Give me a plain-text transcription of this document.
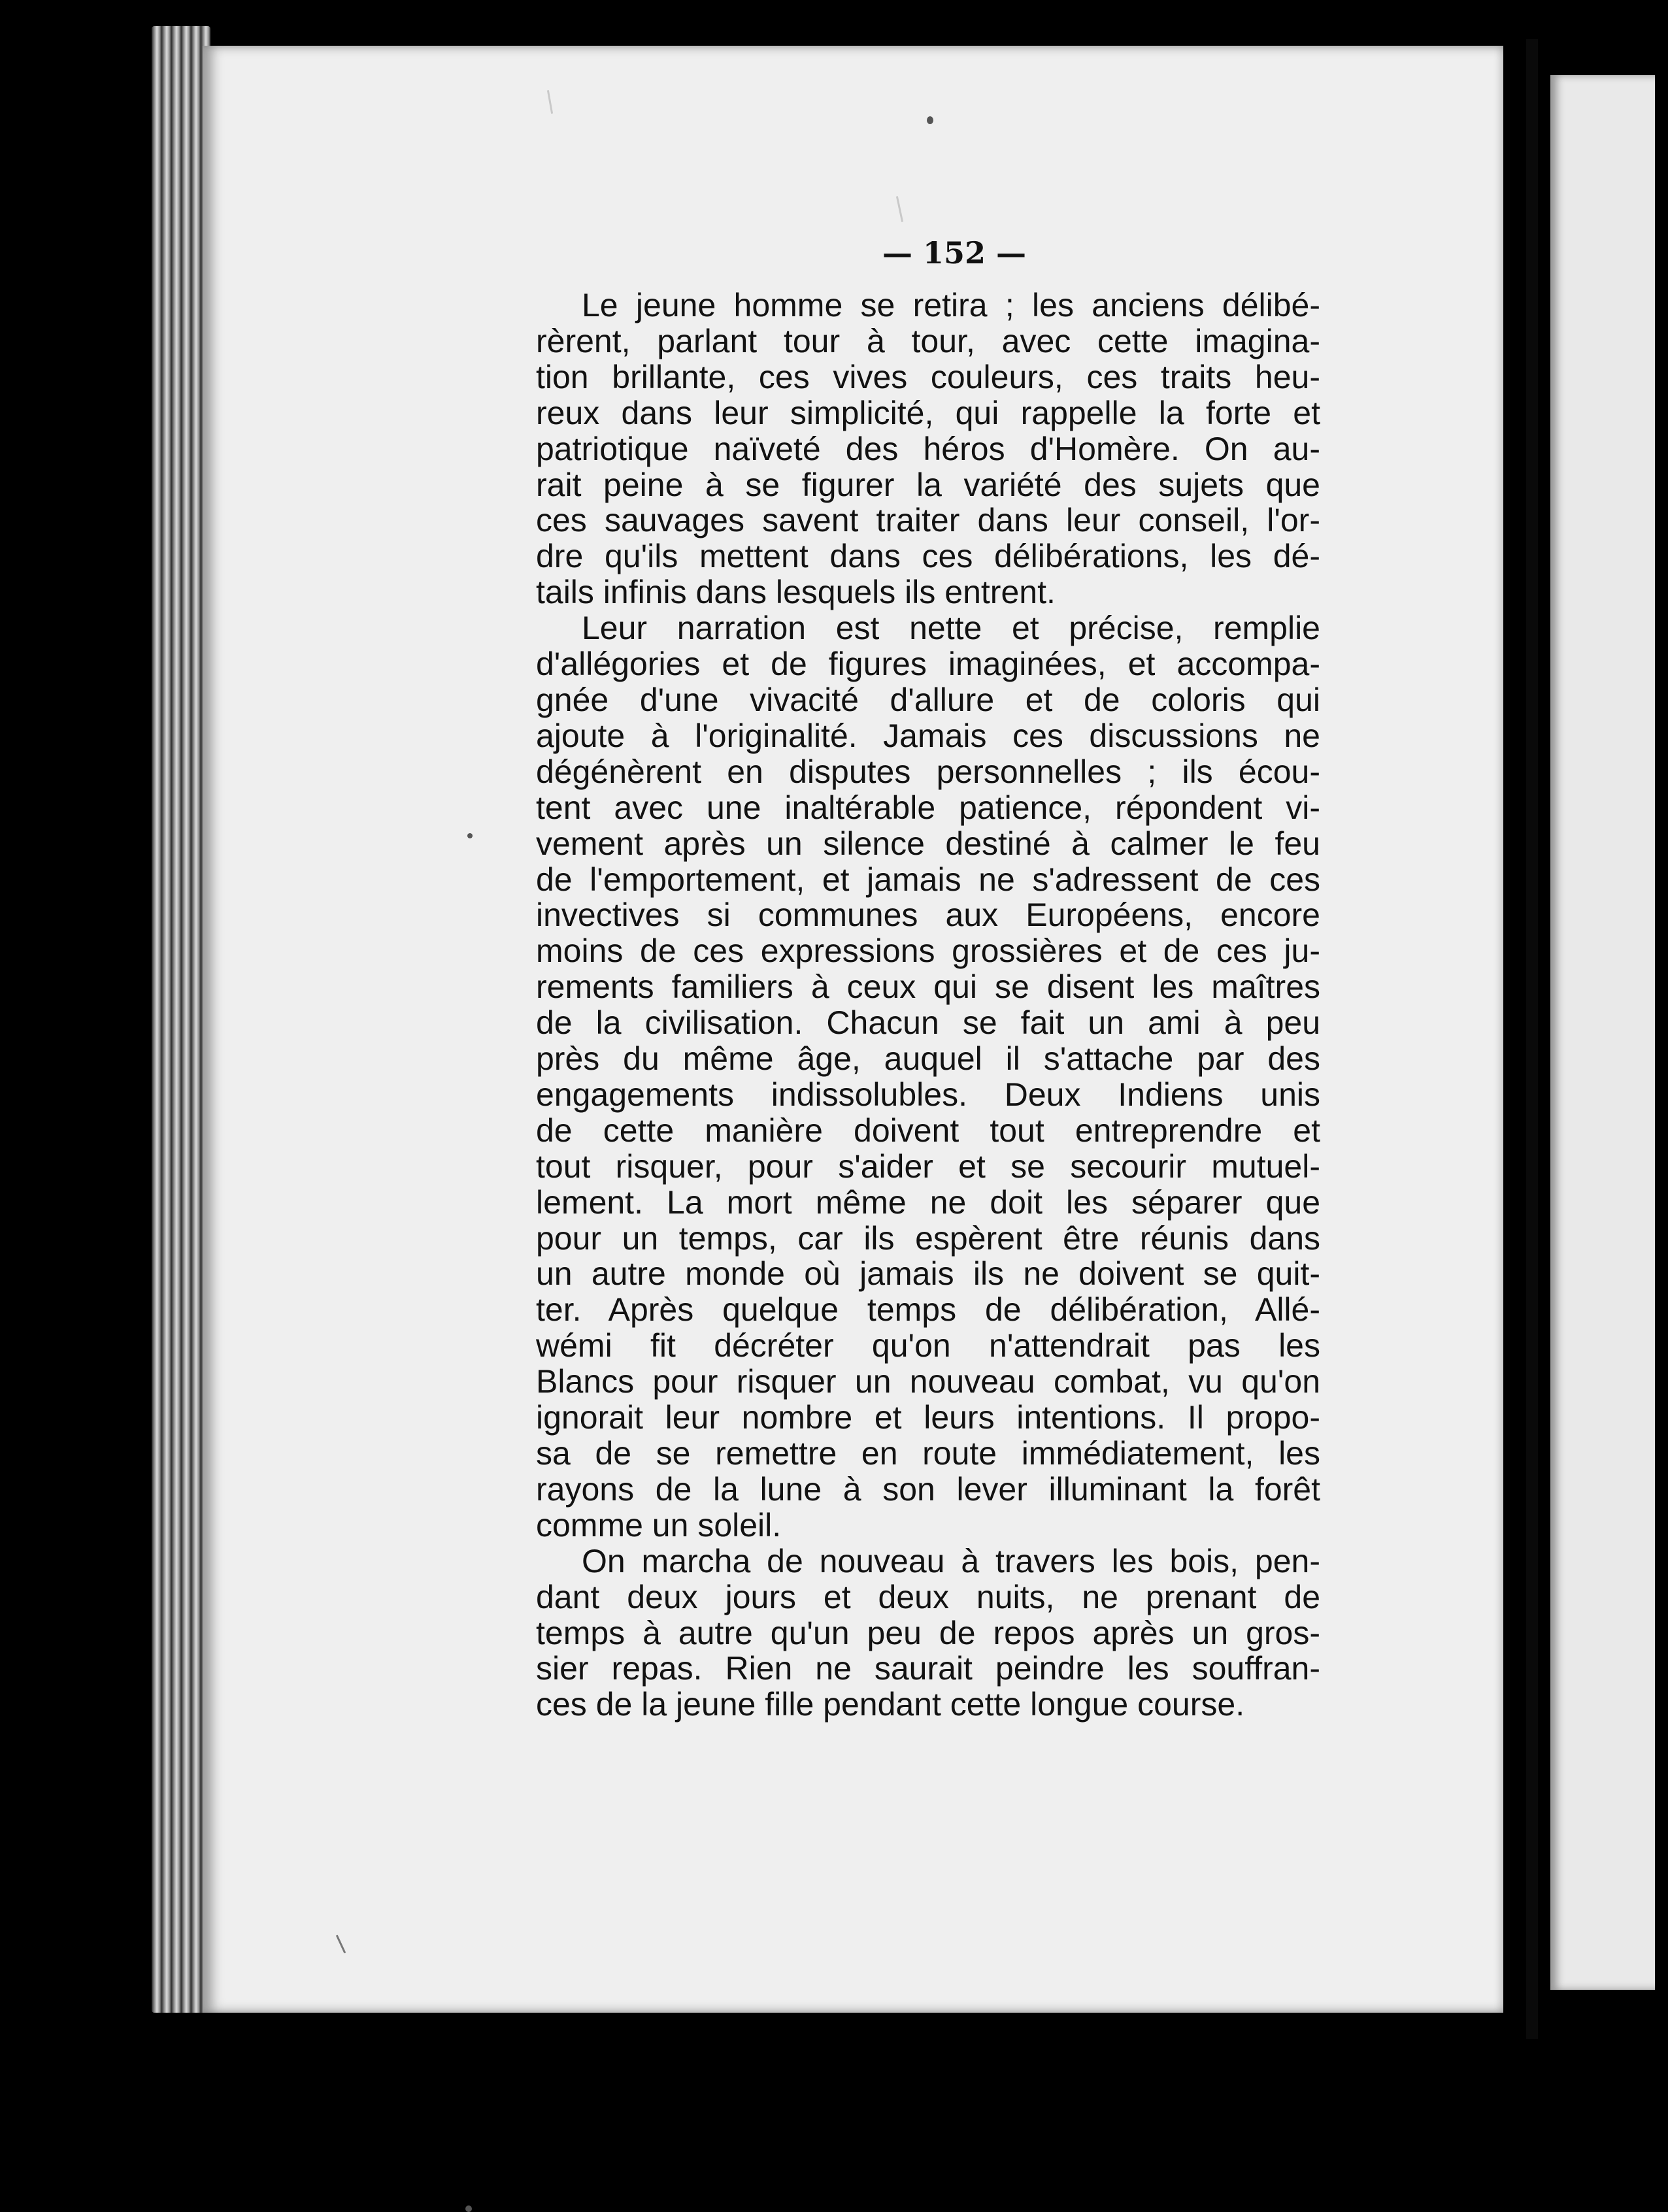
— 152 —
Le jeune homme se retira ; les anciens délibé-
rèrent, parlant tour à tour, avec cette imagina-
tion brillante, ces vives couleurs, ces traits heu-
reux dans leur simplicité, qui rappelle la forte et
patriotique naïveté des héros d'Homère. On au-
rait peine à se figurer la variété des sujets que
ces sauvages savent traiter dans leur conseil, l'or-
dre qu'ils mettent dans ces délibérations, les dé-
tails infinis dans lesquels ils entrent.
Leur narration est nette et précise, remplie
d'allégories et de figures imaginées, et accompa-
gnée d'une vivacité d'allure et de coloris qui
ajoute à l'originalité. Jamais ces discussions ne
dégénèrent en disputes personnelles ; ils écou-
tent avec une inaltérable patience, répondent vi-
vement après un silence destiné à calmer le feu
de l'emportement, et jamais ne s'adressent de ces
invectives si communes aux Européens, encore
moins de ces expressions grossières et de ces ju-
rements familiers à ceux qui se disent les maîtres
de la civilisation. Chacun se fait un ami à peu
près du même âge, auquel il s'attache par des
engagements indissolubles. Deux Indiens unis
de cette manière doivent tout entreprendre et
tout risquer, pour s'aider et se secourir mutuel-
lement. La mort même ne doit les séparer que
pour un temps, car ils espèrent être réunis dans
un autre monde où jamais ils ne doivent se quit-
ter. Après quelque temps de délibération, Allé-
wémi fit décréter qu'on n'attendrait pas les
Blancs pour risquer un nouveau combat, vu qu'on
ignorait leur nombre et leurs intentions. Il propo-
sa de se remettre en route immédiatement, les
rayons de la lune à son lever illuminant la forêt
comme un soleil.
On marcha de nouveau à travers les bois, pen-
dant deux jours et deux nuits, ne prenant de
temps à autre qu'un peu de repos après un gros-
sier repas. Rien ne saurait peindre les souffran-
ces de la jeune fille pendant cette longue course.
